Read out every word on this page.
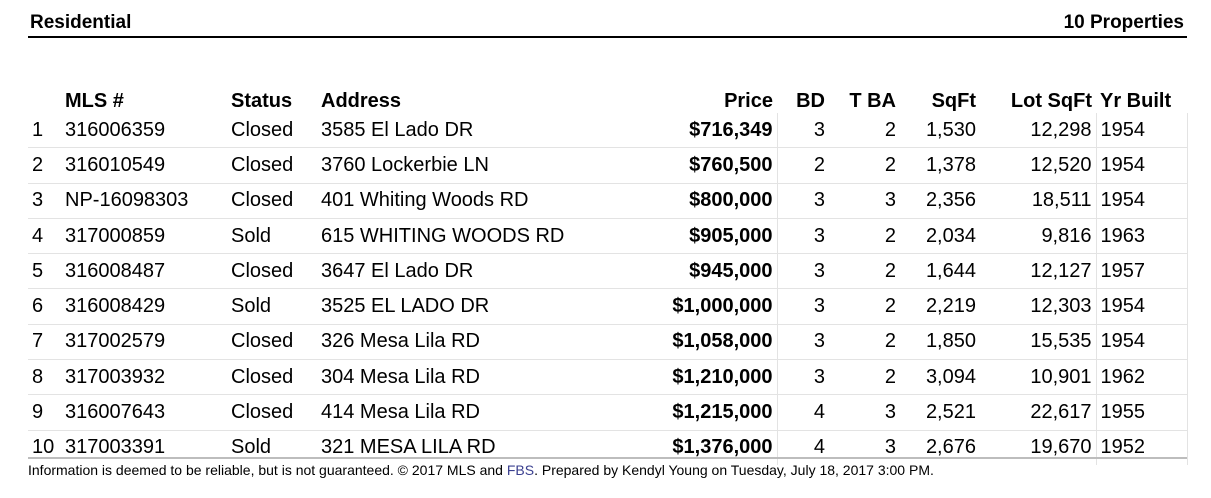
Residential	10 Properties
	MLS #	Status	Address	Price	BD	T BA	SqFt	Lot SqFt	Yr Built
1	316006359	Closed	3585 El Lado DR	$716,349	3	2	1,530	12,298	1954
2	316010549	Closed	3760 Lockerbie LN	$760,500	2	2	1,378	12,520	1954
3	NP-16098303	Closed	401 Whiting Woods RD	$800,000	3	3	2,356	18,511	1954
4	317000859	Sold	615 WHITING WOODS RD	$905,000	3	2	2,034	9,816	1963
5	316008487	Closed	3647 El Lado DR	$945,000	3	2	1,644	12,127	1957
6	316008429	Sold	3525 EL LADO DR	$1,000,000	3	2	2,219	12,303	1954
7	317002579	Closed	326 Mesa Lila RD	$1,058,000	3	2	1,850	15,535	1954
8	317003932	Closed	304 Mesa Lila RD	$1,210,000	3	2	3,094	10,901	1962
9	316007643	Closed	414 Mesa Lila RD	$1,215,000	4	3	2,521	22,617	1955
10	317003391	Sold	321 MESA LILA RD	$1,376,000	4	3	2,676	19,670	1952
Information is deemed to be reliable, but is not guaranteed. © 2017 MLS and FBS. Prepared by Kendyl Young on Tuesday, July 18, 2017 3:00 PM.
